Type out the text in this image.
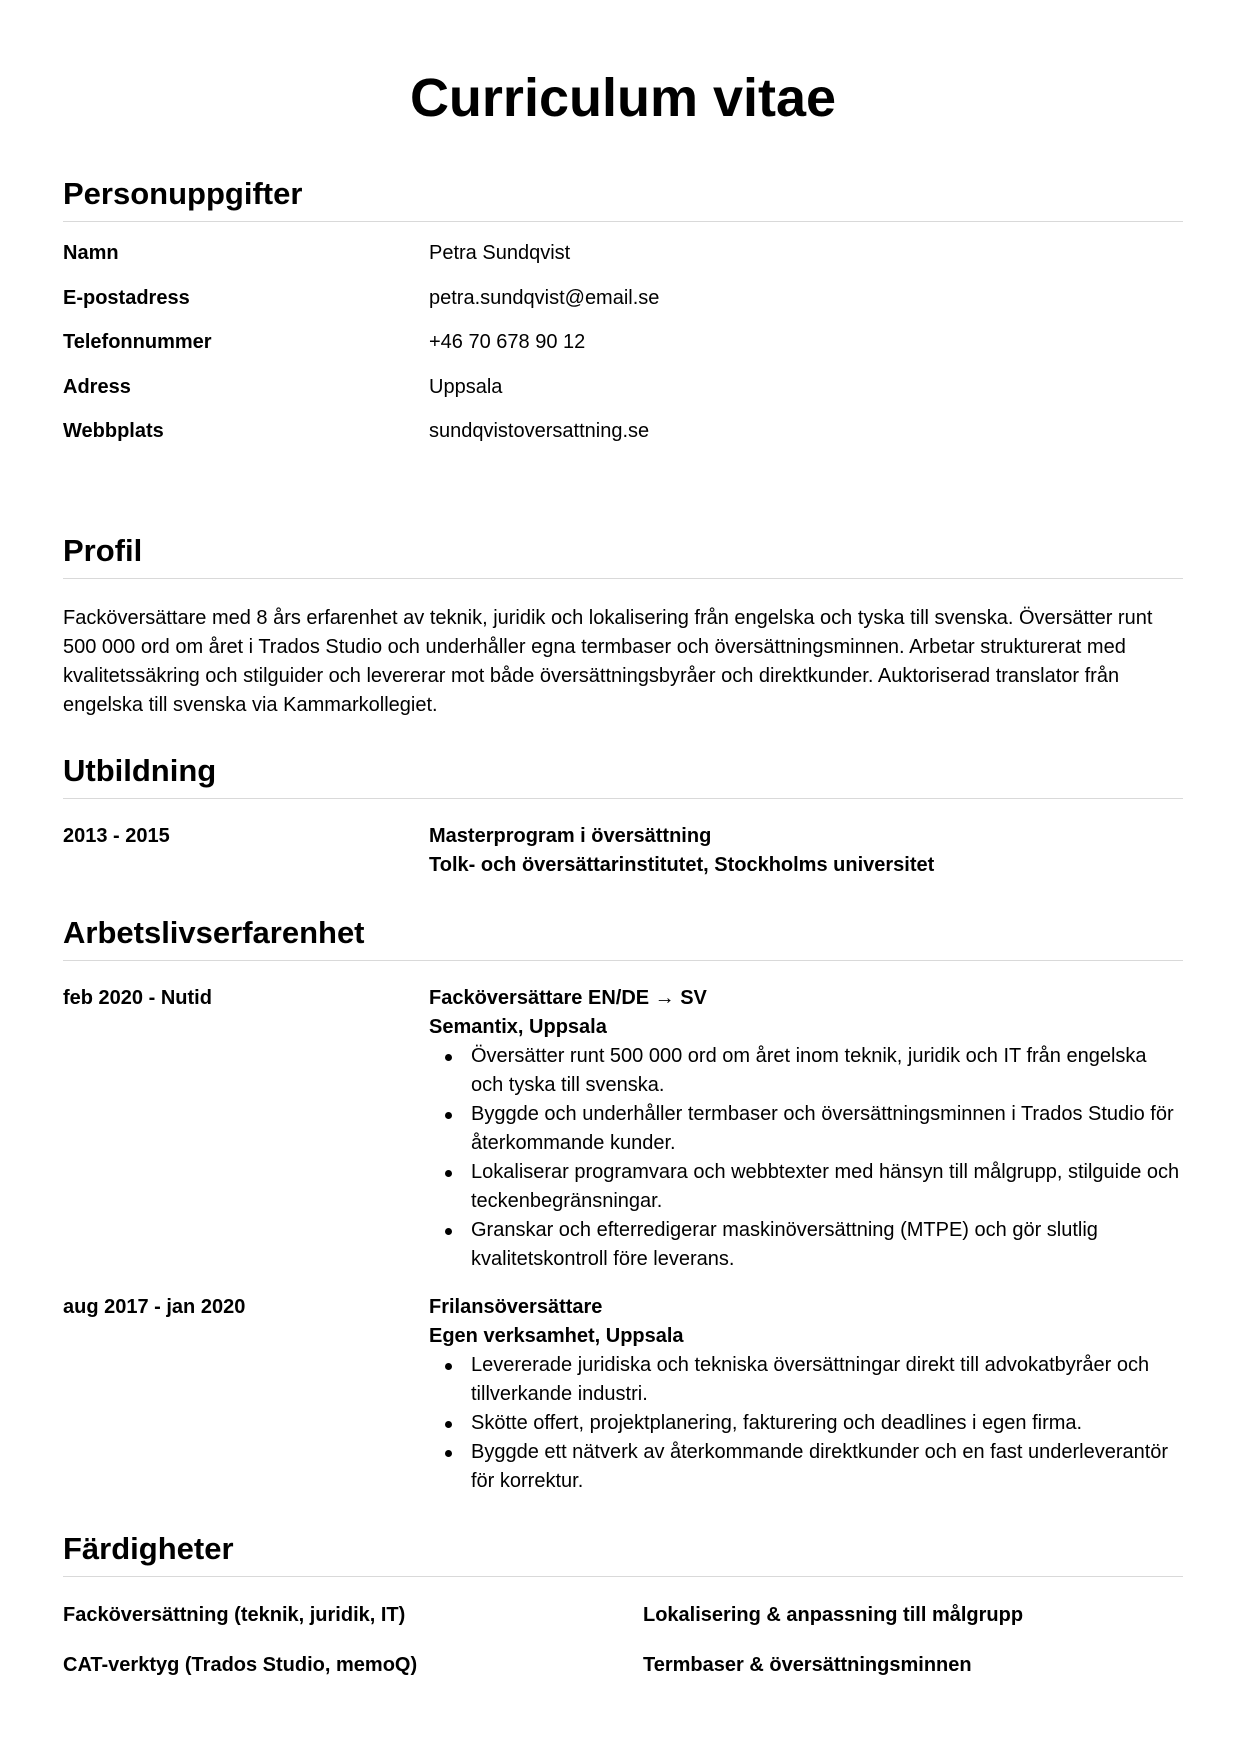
Curriculum vitae
Personuppgifter
Namn	Petra Sundqvist
E-postadress	petra.sundqvist@email.se
Telefonnummer	+46 70 678 90 12
Adress	Uppsala
Webbplats	sundqvistoversattning.se
Profil

Facköversättare med 8 års erfarenhet av teknik, juridik och lokalisering från engelska och tyska till svenska. Översätter runt 500 000 ord om året i Trados Studio och underhåller egna termbaser och översättningsminnen. Arbetar strukturerat med kvalitetssäkring och stilguider och levererar mot både översättningsbyråer och direktkunder. Auktoriserad translator från engelska till svenska via Kammarkollegiet.

Utbildning
2013 - 2015	Masterprogram i översättning
Tolk- och översättarinstitutet, Stockholms universitet
Arbetslivserfarenhet
feb 2020 - Nutid	Facköversättare EN/DE → SV
Semantix, Uppsala
Översätter runt 500 000 ord om året inom teknik, juridik och IT från engelska och tyska till svenska.
Byggde och underhåller termbaser och översättningsminnen i Trados Studio för återkommande kunder.
Lokaliserar programvara och webbtexter med hänsyn till målgrupp, stilguide och teckenbegränsningar.
Granskar och efterredigerar maskinöversättning (MTPE) och gör slutlig kvalitetskontroll före leverans.
aug 2017 - jan 2020	Frilansöversättare
Egen verksamhet, Uppsala
Levererade juridiska och tekniska översättningar direkt till advokatbyråer och tillverkande industri.
Skötte offert, projektplanering, fakturering och deadlines i egen firma.
Byggde ett nätverk av återkommande direktkunder och en fast underleverantör för korrektur.
Färdigheter
Facköversättning (teknik, juridik, IT)	Lokalisering & anpassning till målgrupp
CAT-verktyg (Trados Studio, memoQ)	Termbaser & översättningsminnen
